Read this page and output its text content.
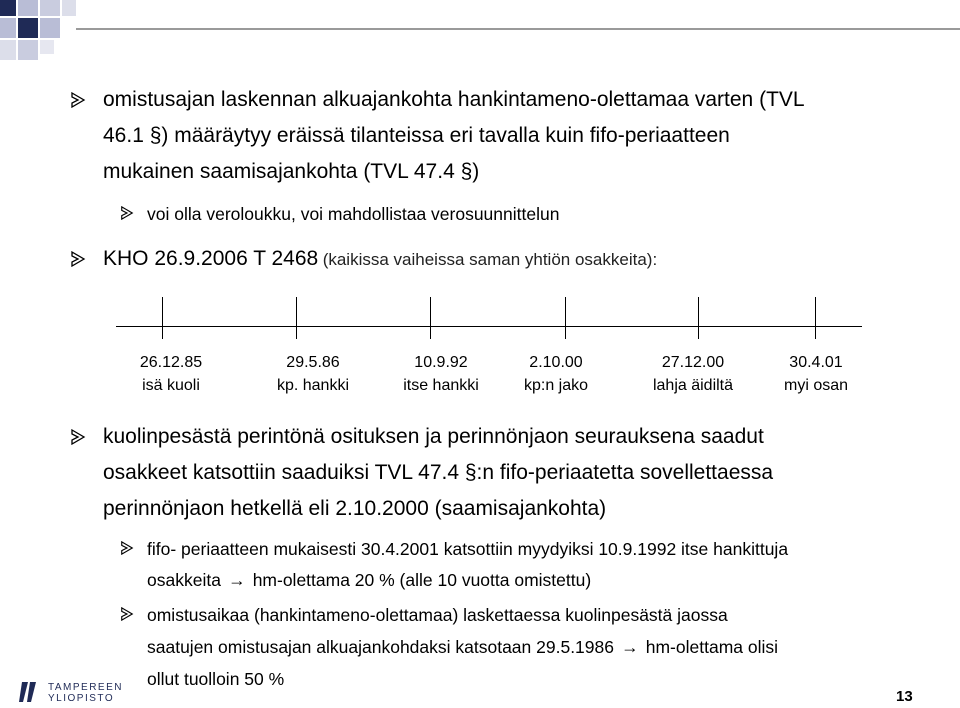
omistusajan laskennan alkuajankohta hankintameno-olettamaa varten (TVL
46.1 §) määräytyy eräissä tilanteissa eri tavalla kuin fifo-periaatteen
mukainen saamisajankohta (TVL 47.4 §)
voi olla veroloukku, voi mahdollistaa verosuunnittelun
KHO 26.9.2006 T 2468 (kaikissa vaiheissa saman yhtiön osakkeita):
26.12.85
isä kuoli
29.5.86
kp. hankki
10.9.92
itse hankki
2.10.00
kp:n jako
27.12.00
lahja äidiltä
30.4.01
myi osan
kuolinpesästä perintönä osituksen ja perinnönjaon seurauksena saadut
osakkeet katsottiin saaduiksi TVL 47.4 §:n fifo-periaatetta sovellettaessa
perinnönjaon hetkellä eli 2.10.2000 (saamisajankohta)
fifo- periaatteen mukaisesti 30.4.2001 katsottiin myydyiksi 10.9.1992 itse hankittuja
osakkeita → hm-olettama 20 % (alle 10 vuotta omistettu)
omistusaikaa (hankintameno-olettamaa) laskettaessa kuolinpesästä jaossa
saatujen omistusajan alkuajankohdaksi katsotaan 29.5.1986 → hm-olettama olisi
ollut tuolloin 50 %
TAMPEREEN
YLIOPISTO	13
